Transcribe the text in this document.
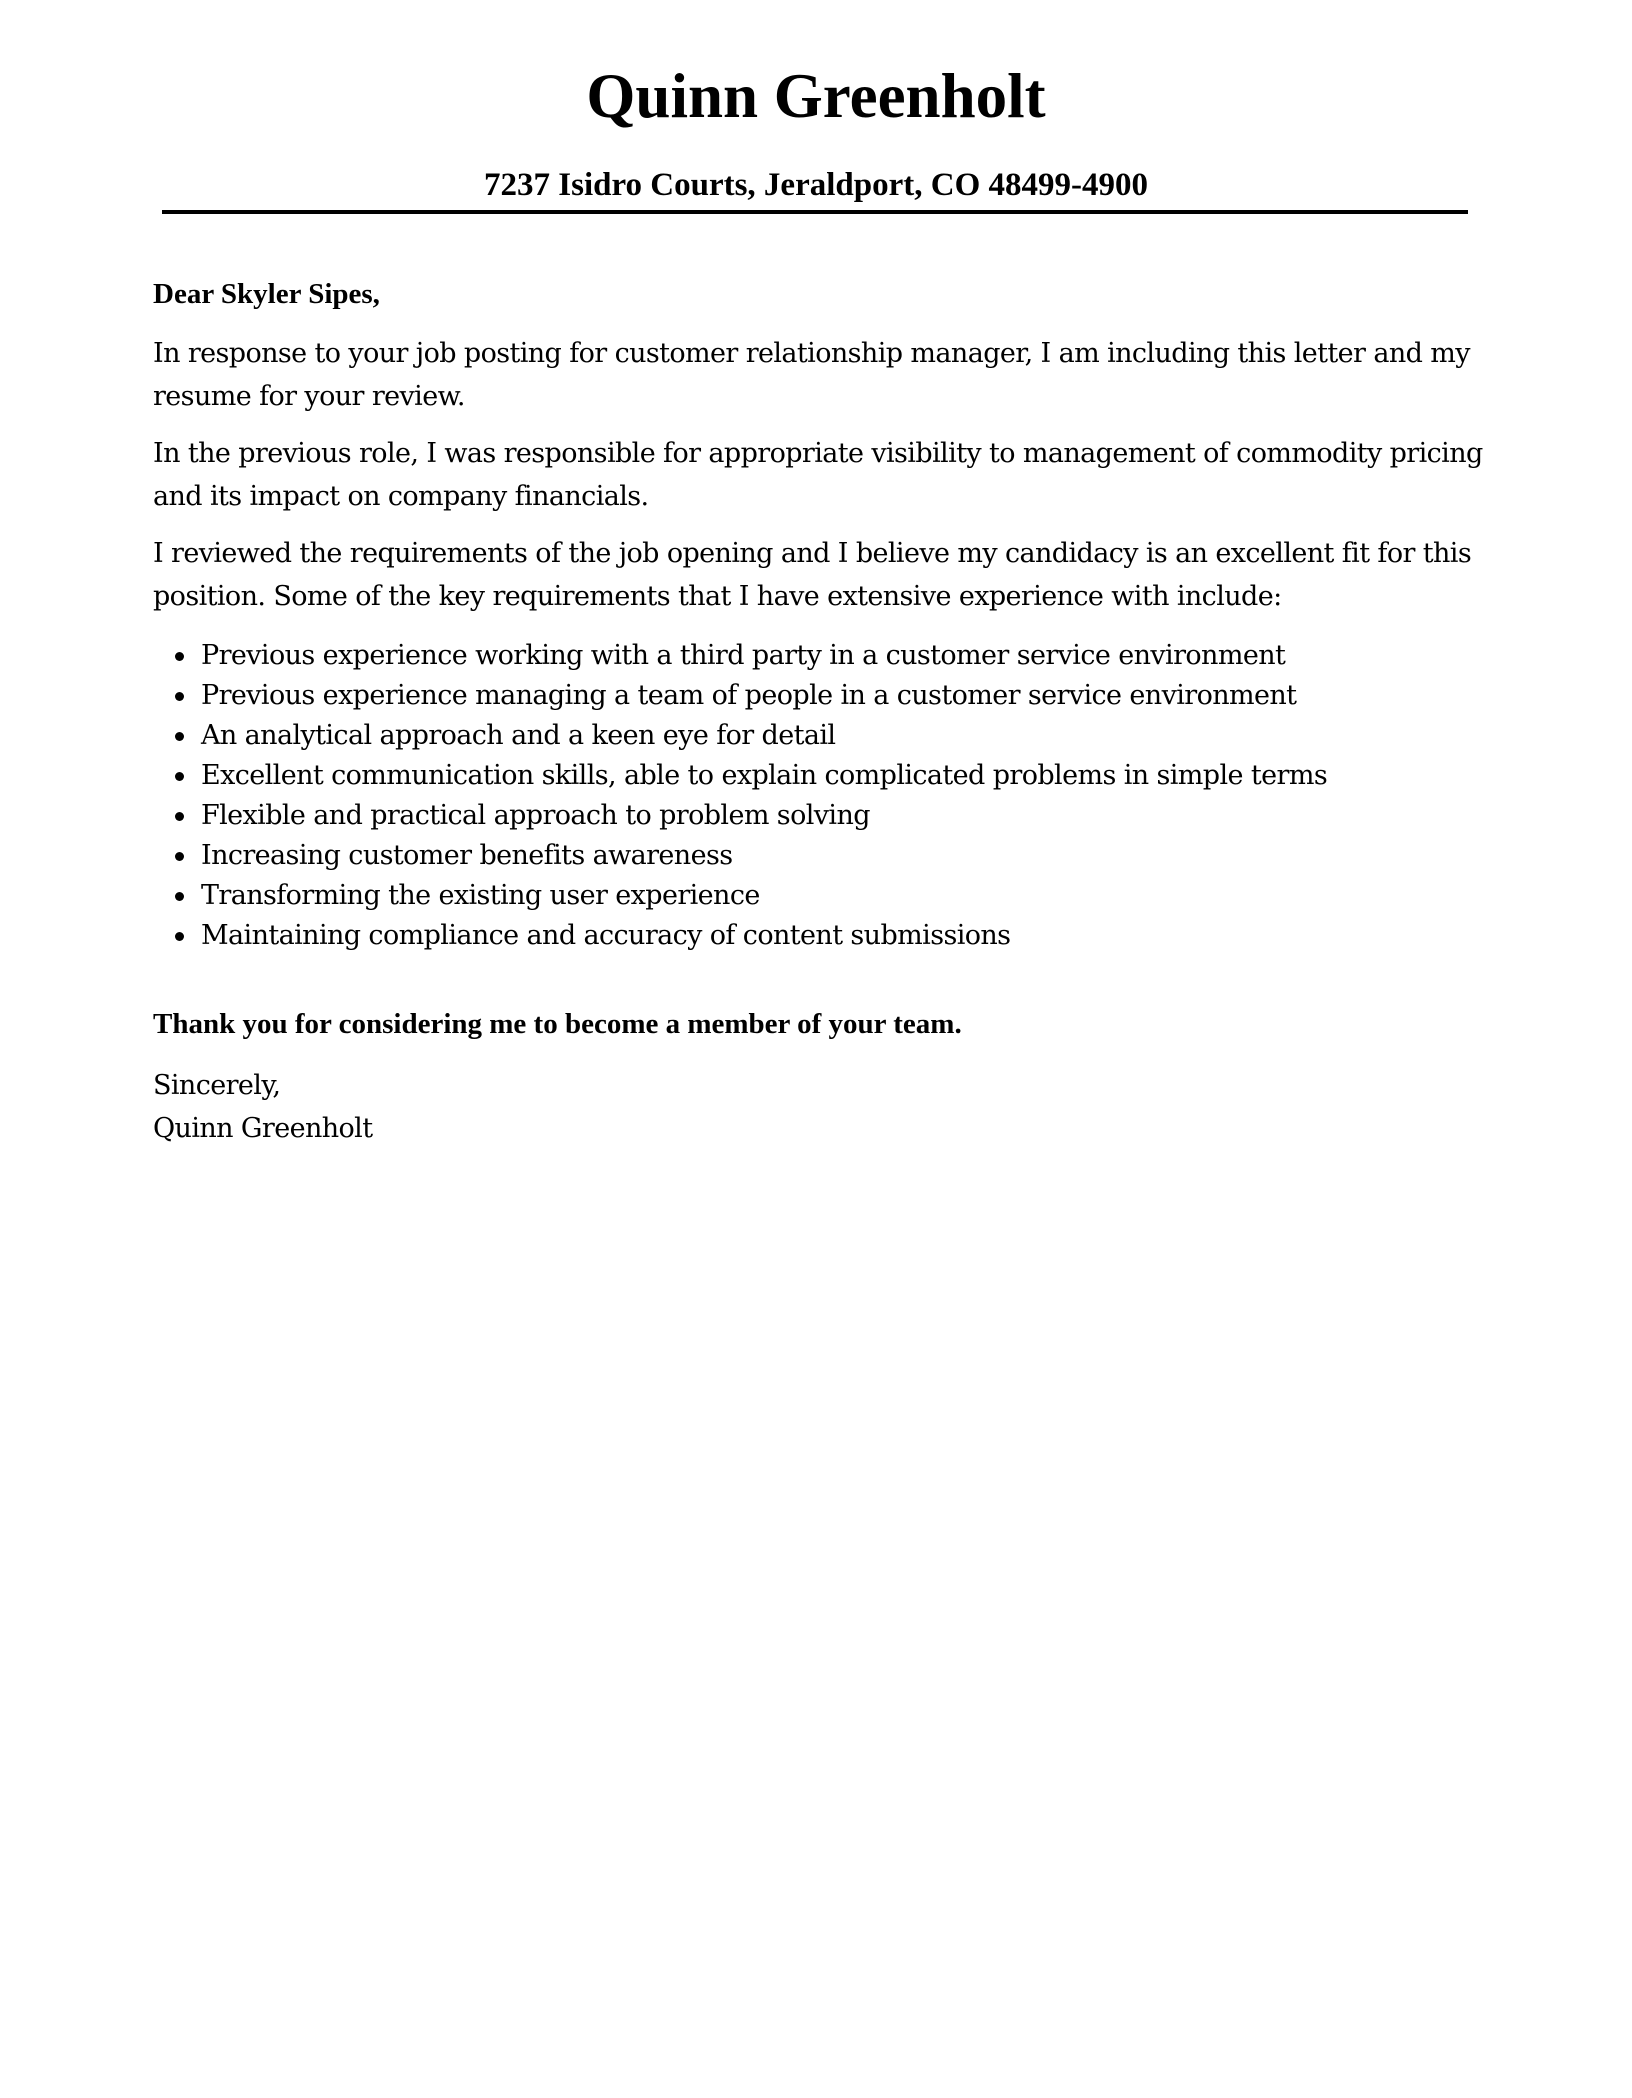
Quinn Greenholt
7237 Isidro Courts, Jeraldport, CO 48499-4900

Dear Skyler Sipes,

In response to your job posting for customer relationship manager, I am including this letter and my resume for your review.

In the previous role, I was responsible for appropriate visibility to management of commodity pricing and its impact on company financials.

I reviewed the requirements of the job opening and I believe my candidacy is an excellent fit for this position. Some of the key requirements that I have extensive experience with include:

Previous experience working with a third party in a customer service environment
Previous experience managing a team of people in a customer service environment
An analytical approach and a keen eye for detail
Excellent communication skills, able to explain complicated problems in simple terms
Flexible and practical approach to problem solving
Increasing customer benefits awareness
Transforming the existing user experience
Maintaining compliance and accuracy of content submissions

Thank you for considering me to become a member of your team.

Sincerely,
Quinn Greenholt
